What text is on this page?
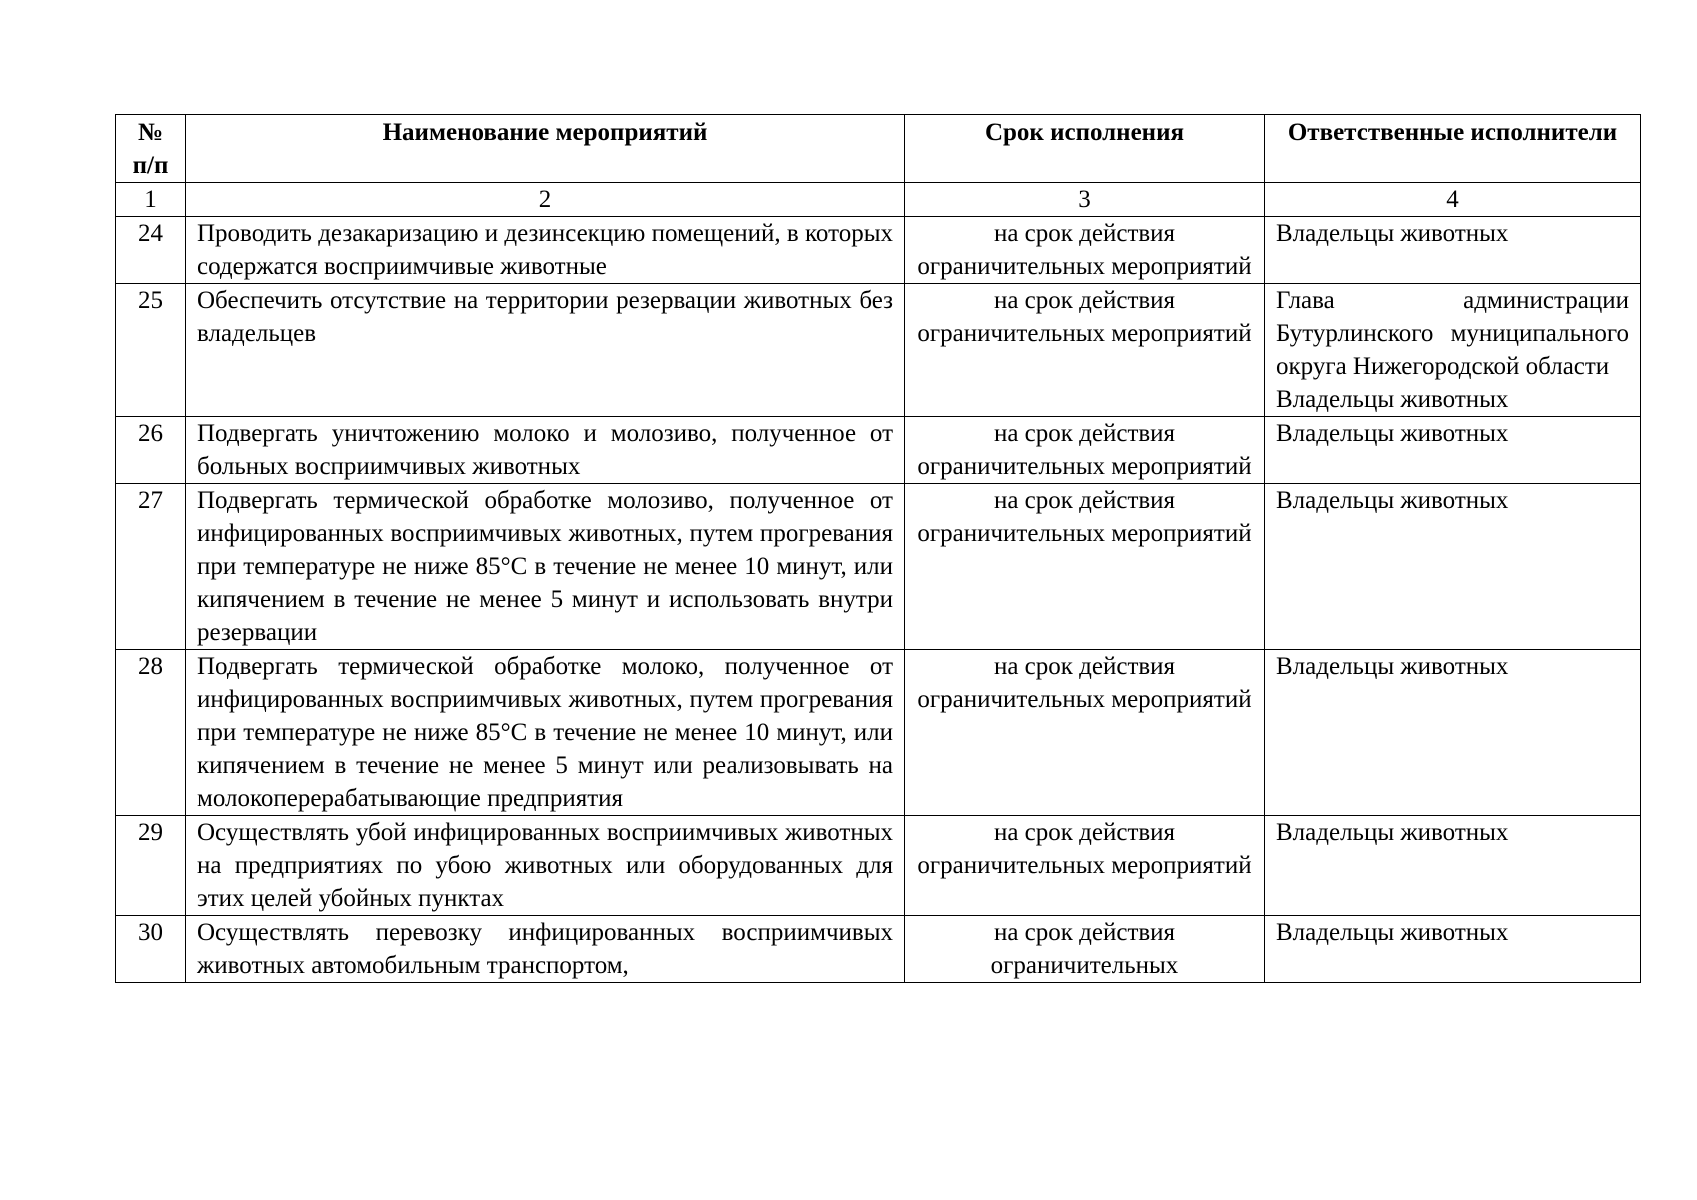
№ п/п	Наименование мероприятий	Срок исполнения	Ответственные исполнители
1	2	3	4
24	Проводить дезакаризацию и дезинсекцию помещений, в которых содержатся восприимчивые животные	на срок действия ограничительных мероприятий	Владельцы животных

25	Обеспечить отсутствие на территории резервации животных без владельцев	на срок действия ограничительных мероприятий	Глава администрации Бутурлинского муниципального округа Нижегородской области
Владельцы животных

26	Подвергать уничтожению молоко и молозиво, полученное от больных восприимчивых животных	на срок действия ограничительных мероприятий	Владельцы животных

27	Подвергать термической обработке молозиво, полученное от инфицированных восприимчивых животных, путем прогревания при температуре не ниже 85°С в течение не менее 10 минут, или кипячением в течение не менее 5 минут и использовать внутри резервации	на срок действия ограничительных мероприятий	Владельцы животных

28	Подвергать термической обработке молоко, полученное от инфицированных восприимчивых животных, путем прогревания при температуре не ниже 85°С в течение не менее 10 минут, или кипячением в течение не менее 5 минут или реализовывать на молокоперерабатывающие предприятия	на срок действия ограничительных мероприятий	Владельцы животных

29	Осуществлять убой инфицированных восприимчивых животных на предприятиях по убою животных или оборудованных для этих целей убойных пунктах	на срок действия ограничительных мероприятий	Владельцы животных

30	Осуществлять перевозку инфицированных восприимчивых животных автомобильным транспортом,	на срок действия ограничительных	Владельцы животных
